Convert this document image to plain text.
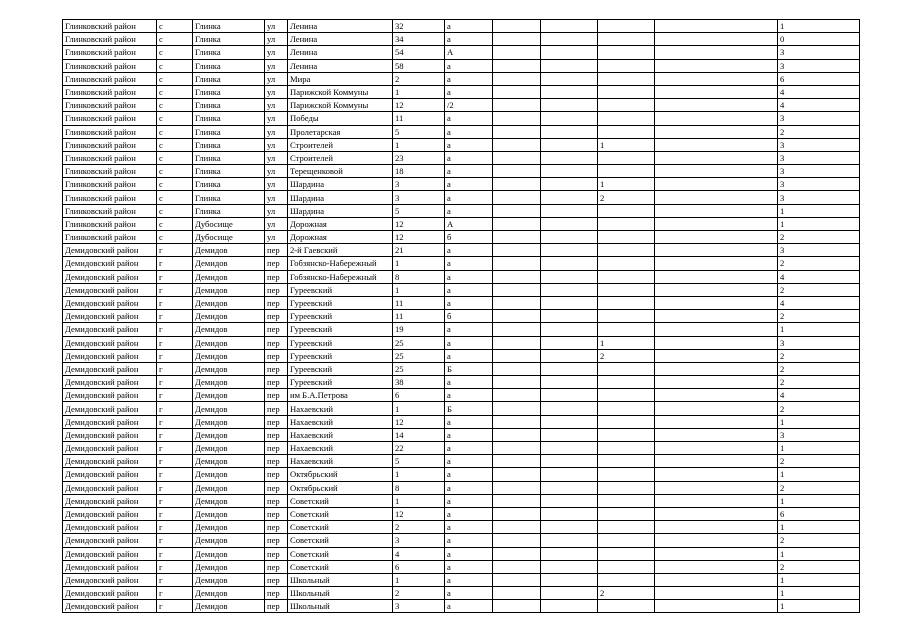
Глинковский район	с	Глинка	ул	Ленина	32	а					1
Глинковский район	с	Глинка	ул	Ленина	34	а					0
Глинковский район	с	Глинка	ул	Ленина	54	А					3
Глинковский район	с	Глинка	ул	Ленина	58	а					3
Глинковский район	с	Глинка	ул	Мира	2	а					6
Глинковский район	с	Глинка	ул	Парижской Коммуны	1	а					4
Глинковский район	с	Глинка	ул	Парижской Коммуны	12	/2					4
Глинковский район	с	Глинка	ул	Победы	11	а					3
Глинковский район	с	Глинка	ул	Пролетарская	5	а					2
Глинковский район	с	Глинка	ул	Строителей	1	а			1		3
Глинковский район	с	Глинка	ул	Строителей	23	а					3
Глинковский район	с	Глинка	ул	Терещенковой	18	а					3
Глинковский район	с	Глинка	ул	Шардина	3	а			1		3
Глинковский район	с	Глинка	ул	Шардина	3	а			2		3
Глинковский район	с	Глинка	ул	Шардина	5	а					1
Глинковский район	с	Дубосище	ул	Дорожная	12	А					1
Глинковский район	с	Дубосище	ул	Дорожная	12	б					2
Демидовский район	г	Демидов	пер	2-й Гаевский	21	а					3
Демидовский район	г	Демидов	пер	Гобзянско-Набережный	1	а					2
Демидовский район	г	Демидов	пер	Гобзянско-Набережный	8	а					4
Демидовский район	г	Демидов	пер	Гуреевский	1	а					2
Демидовский район	г	Демидов	пер	Гуреевский	11	а					4
Демидовский район	г	Демидов	пер	Гуреевский	11	б					2
Демидовский район	г	Демидов	пер	Гуреевский	19	а					1
Демидовский район	г	Демидов	пер	Гуреевский	25	а			1		3
Демидовский район	г	Демидов	пер	Гуреевский	25	а			2		2
Демидовский район	г	Демидов	пер	Гуреевский	25	Б					2
Демидовский район	г	Демидов	пер	Гуреевский	38	а					2
Демидовский район	г	Демидов	пер	им Б.А.Петрова	6	а					4
Демидовский район	г	Демидов	пер	Нахаевский	1	Б					2
Демидовский район	г	Демидов	пер	Нахаевский	12	а					1
Демидовский район	г	Демидов	пер	Нахаевский	14	а					3
Демидовский район	г	Демидов	пер	Нахаевский	22	а					1
Демидовский район	г	Демидов	пер	Нахаевский	5	а					2
Демидовский район	г	Демидов	пер	Октябрьский	1	а					1
Демидовский район	г	Демидов	пер	Октябрьский	8	а					2
Демидовский район	г	Демидов	пер	Советский	1	а					1
Демидовский район	г	Демидов	пер	Советский	12	а					6
Демидовский район	г	Демидов	пер	Советский	2	а					1
Демидовский район	г	Демидов	пер	Советский	3	а					2
Демидовский район	г	Демидов	пер	Советский	4	а					1
Демидовский район	г	Демидов	пер	Советский	6	а					2
Демидовский район	г	Демидов	пер	Школьный	1	а					1
Демидовский район	г	Демидов	пер	Школьный	2	а			2		1
Демидовский район	г	Демидов	пер	Школьный	3	а					1
